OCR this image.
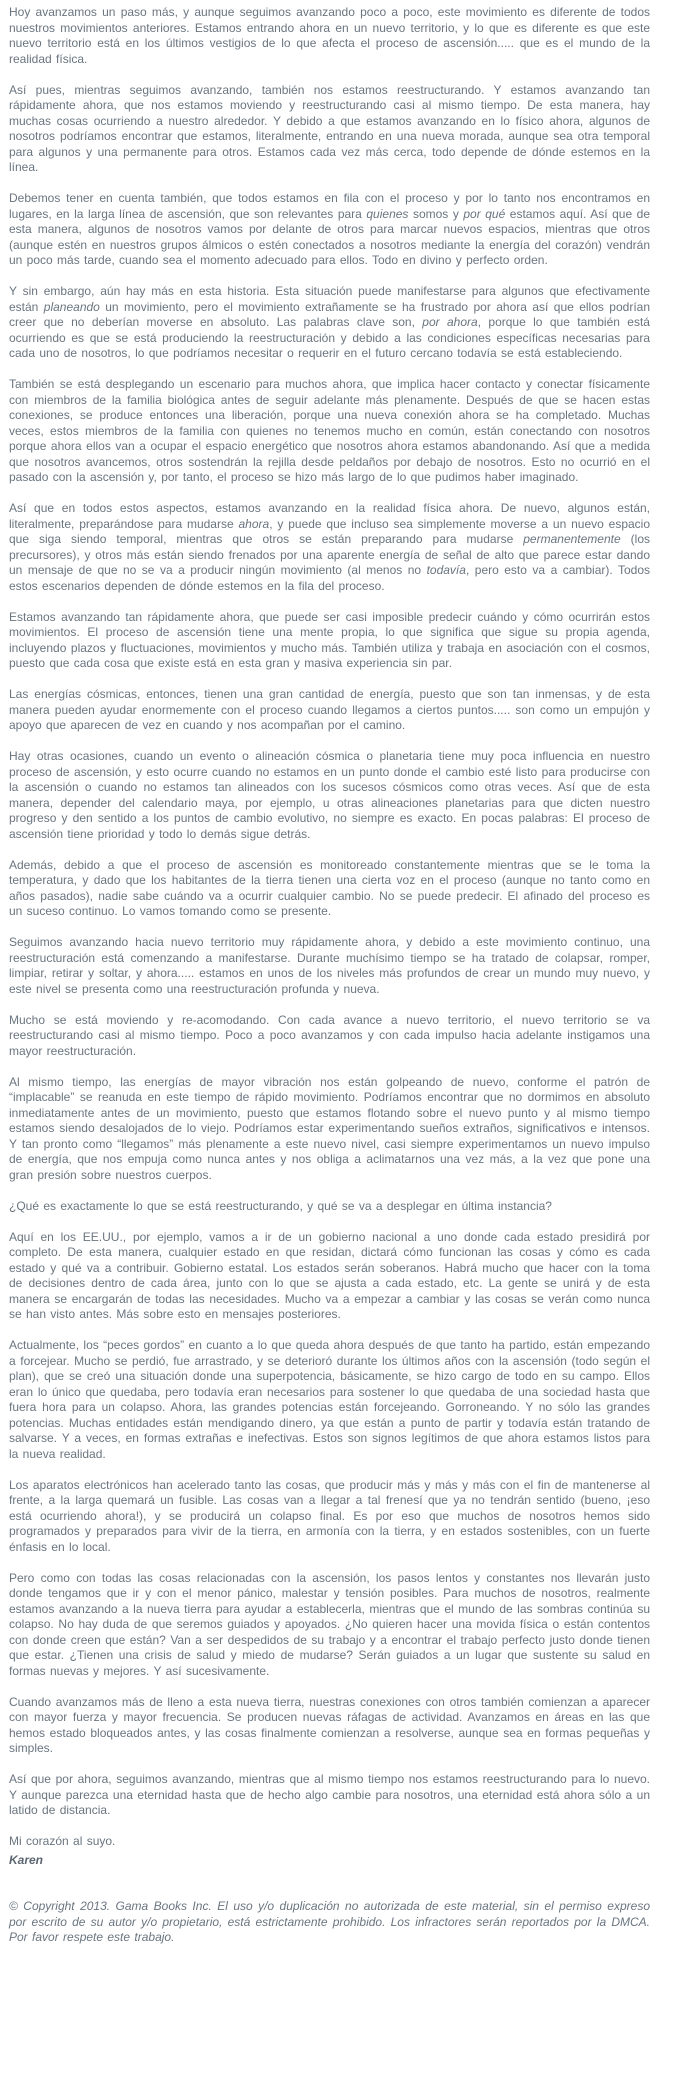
Hoy avanzamos un paso más, y aunque seguimos avanzando poco a poco, este movimiento es diferente de todos nuestros movimientos anteriores. Estamos entrando ahora en un nuevo territorio, y lo que es diferente es que este nuevo territorio está en los últimos vestigios de lo que afecta el proceso de ascensión..... que es el mundo de la realidad física.

Así pues, mientras seguimos avanzando, también nos estamos reestructurando. Y estamos avanzando tan rápidamente ahora, que nos estamos moviendo y reestructurando casi al mismo tiempo. De esta manera, hay muchas cosas ocurriendo a nuestro alrededor. Y debido a que estamos avanzando en lo físico ahora, algunos de nosotros podríamos encontrar que estamos, literalmente, entrando en una nueva morada, aunque sea otra temporal para algunos y una permanente para otros. Estamos cada vez más cerca, todo depende de dónde estemos en la línea.

Debemos tener en cuenta también, que todos estamos en fila con el proceso y por lo tanto nos encontramos en lugares, en la larga línea de ascensión, que son relevantes para quienes somos y por qué estamos aquí. Así que de esta manera, algunos de nosotros vamos por delante de otros para marcar nuevos espacios, mientras que otros (aunque estén en nuestros grupos álmicos o estén conectados a nosotros mediante la energía del corazón) vendrán un poco más tarde, cuando sea el momento adecuado para ellos. Todo en divino y perfecto orden.

Y sin embargo, aún hay más en esta historia. Esta situación puede manifestarse para algunos que efectivamente están planeando un movimiento, pero el movimiento extrañamente se ha frustrado por ahora así que ellos podrían creer que no deberían moverse en absoluto. Las palabras clave son, por ahora, porque lo que también está ocurriendo es que se está produciendo la reestructuración y debido a las condiciones específicas necesarias para cada uno de nosotros, lo que podríamos necesitar o requerir en el futuro cercano todavía se está estableciendo.

También se está desplegando un escenario para muchos ahora, que implica hacer contacto y conectar físicamente con miembros de la familia biológica antes de seguir adelante más plenamente. Después de que se hacen estas conexiones, se produce entonces una liberación, porque una nueva conexión ahora se ha completado. Muchas veces, estos miembros de la familia con quienes no tenemos mucho en común, están conectando con nosotros porque ahora ellos van a ocupar el espacio energético que nosotros ahora estamos abandonando. Así que a medida que nosotros avancemos, otros sostendrán la rejilla desde peldaños por debajo de nosotros. Esto no ocurrió en el pasado con la ascensión y, por tanto, el proceso se hizo más largo de lo que pudimos haber imaginado.

Así que en todos estos aspectos, estamos avanzando en la realidad física ahora. De nuevo, algunos están, literalmente, preparándose para mudarse ahora, y puede que incluso sea simplemente moverse a un nuevo espacio que siga siendo temporal, mientras que otros se están preparando para mudarse permanentemente (los precursores), y otros más están siendo frenados por una aparente energía de señal de alto que parece estar dando un mensaje de que no se va a producir ningún movimiento (al menos no todavía, pero esto va a cambiar). Todos estos escenarios dependen de dónde estemos en la fila del proceso.

Estamos avanzando tan rápidamente ahora, que puede ser casi imposible predecir cuándo y cómo ocurrirán estos movimientos. El proceso de ascensión tiene una mente propia, lo que significa que sigue su propia agenda, incluyendo plazos y fluctuaciones, movimientos y mucho más. También utiliza y trabaja en asociación con el cosmos, puesto que cada cosa que existe está en esta gran y masiva experiencia sin par.

Las energías cósmicas, entonces, tienen una gran cantidad de energía, puesto que son tan inmensas, y de esta manera pueden ayudar enormemente con el proceso cuando llegamos a ciertos puntos..... son como un empujón y apoyo que aparecen de vez en cuando y nos acompañan por el camino.

Hay otras ocasiones, cuando un evento o alineación cósmica o planetaria tiene muy poca influencia en nuestro proceso de ascensión, y esto ocurre cuando no estamos en un punto donde el cambio esté listo para producirse con la ascensión o cuando no estamos tan alineados con los sucesos cósmicos como otras veces. Así que de esta manera, depender del calendario maya, por ejemplo, u otras alineaciones planetarias para que dicten nuestro progreso y den sentido a los puntos de cambio evolutivo, no siempre es exacto. En pocas palabras: El proceso de ascensión tiene prioridad y todo lo demás sigue detrás.

Además, debido a que el proceso de ascensión es monitoreado constantemente mientras que se le toma la temperatura, y dado que los habitantes de la tierra tienen una cierta voz en el proceso (aunque no tanto como en años pasados), nadie sabe cuándo va a ocurrir cualquier cambio. No se puede predecir. El afinado del proceso es un suceso continuo. Lo vamos tomando como se presente.

Seguimos avanzando hacia nuevo territorio muy rápidamente ahora, y debido a este movimiento continuo, una reestructuración está comenzando a manifestarse. Durante muchísimo tiempo se ha tratado de colapsar, romper, limpiar, retirar y soltar, y ahora..... estamos en unos de los niveles más profundos de crear un mundo muy nuevo, y este nivel se presenta como una reestructuración profunda y nueva.

Mucho se está moviendo y re-acomodando. Con cada avance a nuevo territorio, el nuevo territorio se va reestructurando casi al mismo tiempo. Poco a poco avanzamos y con cada impulso hacia adelante instigamos una mayor reestructuración.

Al mismo tiempo, las energías de mayor vibración nos están golpeando de nuevo, conforme el patrón de “implacable” se reanuda en este tiempo de rápido movimiento. Podríamos encontrar que no dormimos en absoluto inmediatamente antes de un movimiento, puesto que estamos flotando sobre el nuevo punto y al mismo tiempo estamos siendo desalojados de lo viejo. Podríamos estar experimentando sueños extraños, significativos e intensos. Y tan pronto como “llegamos” más plenamente a este nuevo nivel, casi siempre experimentamos un nuevo impulso de energía, que nos empuja como nunca antes y nos obliga a aclimatarnos una vez más, a la vez que pone una gran presión sobre nuestros cuerpos.

¿Qué es exactamente lo que se está reestructurando, y qué se va a desplegar en última instancia?

Aquí en los EE.UU., por ejemplo, vamos a ir de un gobierno nacional a uno donde cada estado presidirá por completo. De esta manera, cualquier estado en que residan, dictará cómo funcionan las cosas y cómo es cada estado y qué va a contribuir. Gobierno estatal. Los estados serán soberanos. Habrá mucho que hacer con la toma de decisiones dentro de cada área, junto con lo que se ajusta a cada estado, etc. La gente se unirá y de esta manera se encargarán de todas las necesidades. Mucho va a empezar a cambiar y las cosas se verán como nunca se han visto antes. Más sobre esto en mensajes posteriores.

Actualmente, los “peces gordos” en cuanto a lo que queda ahora después de que tanto ha partido, están empezando a forcejear. Mucho se perdió, fue arrastrado, y se deterioró durante los últimos años con la ascensión (todo según el plan), que se creó una situación donde una superpotencia, básicamente, se hizo cargo de todo en su campo. Ellos eran lo único que quedaba, pero todavía eran necesarios para sostener lo que quedaba de una sociedad hasta que fuera hora para un colapso. Ahora, las grandes potencias están forcejeando. Gorroneando. Y no sólo las grandes potencias. Muchas entidades están mendigando dinero, ya que están a punto de partir y todavía están tratando de salvarse. Y a veces, en formas extrañas e inefectivas. Estos son signos legítimos de que ahora estamos listos para la nueva realidad.

Los aparatos electrónicos han acelerado tanto las cosas, que producir más y más y más con el fin de mantenerse al frente, a la larga quemará un fusible. Las cosas van a llegar a tal frenesí que ya no tendrán sentido (bueno, ¡eso está ocurriendo ahora!), y se producirá un colapso final. Es por eso que muchos de nosotros hemos sido programados y preparados para vivir de la tierra, en armonía con la tierra, y en estados sostenibles, con un fuerte énfasis en lo local.

Pero como con todas las cosas relacionadas con la ascensión, los pasos lentos y constantes nos llevarán justo donde tengamos que ir y con el menor pánico, malestar y tensión posibles. Para muchos de nosotros, realmente estamos avanzando a la nueva tierra para ayudar a establecerla, mientras que el mundo de las sombras continúa su colapso. No hay duda de que seremos guiados y apoyados. ¿No quieren hacer una movida física o están contentos con donde creen que están? Van a ser despedidos de su trabajo y a encontrar el trabajo perfecto justo donde tienen que estar. ¿Tienen una crisis de salud y miedo de mudarse? Serán guiados a un lugar que sustente su salud en formas nuevas y mejores. Y así sucesivamente.

Cuando avanzamos más de lleno a esta nueva tierra, nuestras conexiones con otros también comienzan a aparecer con mayor fuerza y mayor frecuencia. Se producen nuevas ráfagas de actividad. Avanzamos en áreas en las que hemos estado bloqueados antes, y las cosas finalmente comienzan a resolverse, aunque sea en formas pequeñas y simples.

Así que por ahora, seguimos avanzando, mientras que al mismo tiempo nos estamos reestructurando para lo nuevo. Y aunque parezca una eternidad hasta que de hecho algo cambie para nosotros, una eternidad está ahora sólo a un latido de distancia.

Mi corazón al suyo.

Karen

© Copyright 2013. Gama Books Inc. El uso y/o duplicación no autorizada de este material, sin el permiso expreso por escrito de su autor y/o propietario, está estrictamente prohibido. Los infractores serán reportados por la DMCA. Por favor respete este trabajo.
